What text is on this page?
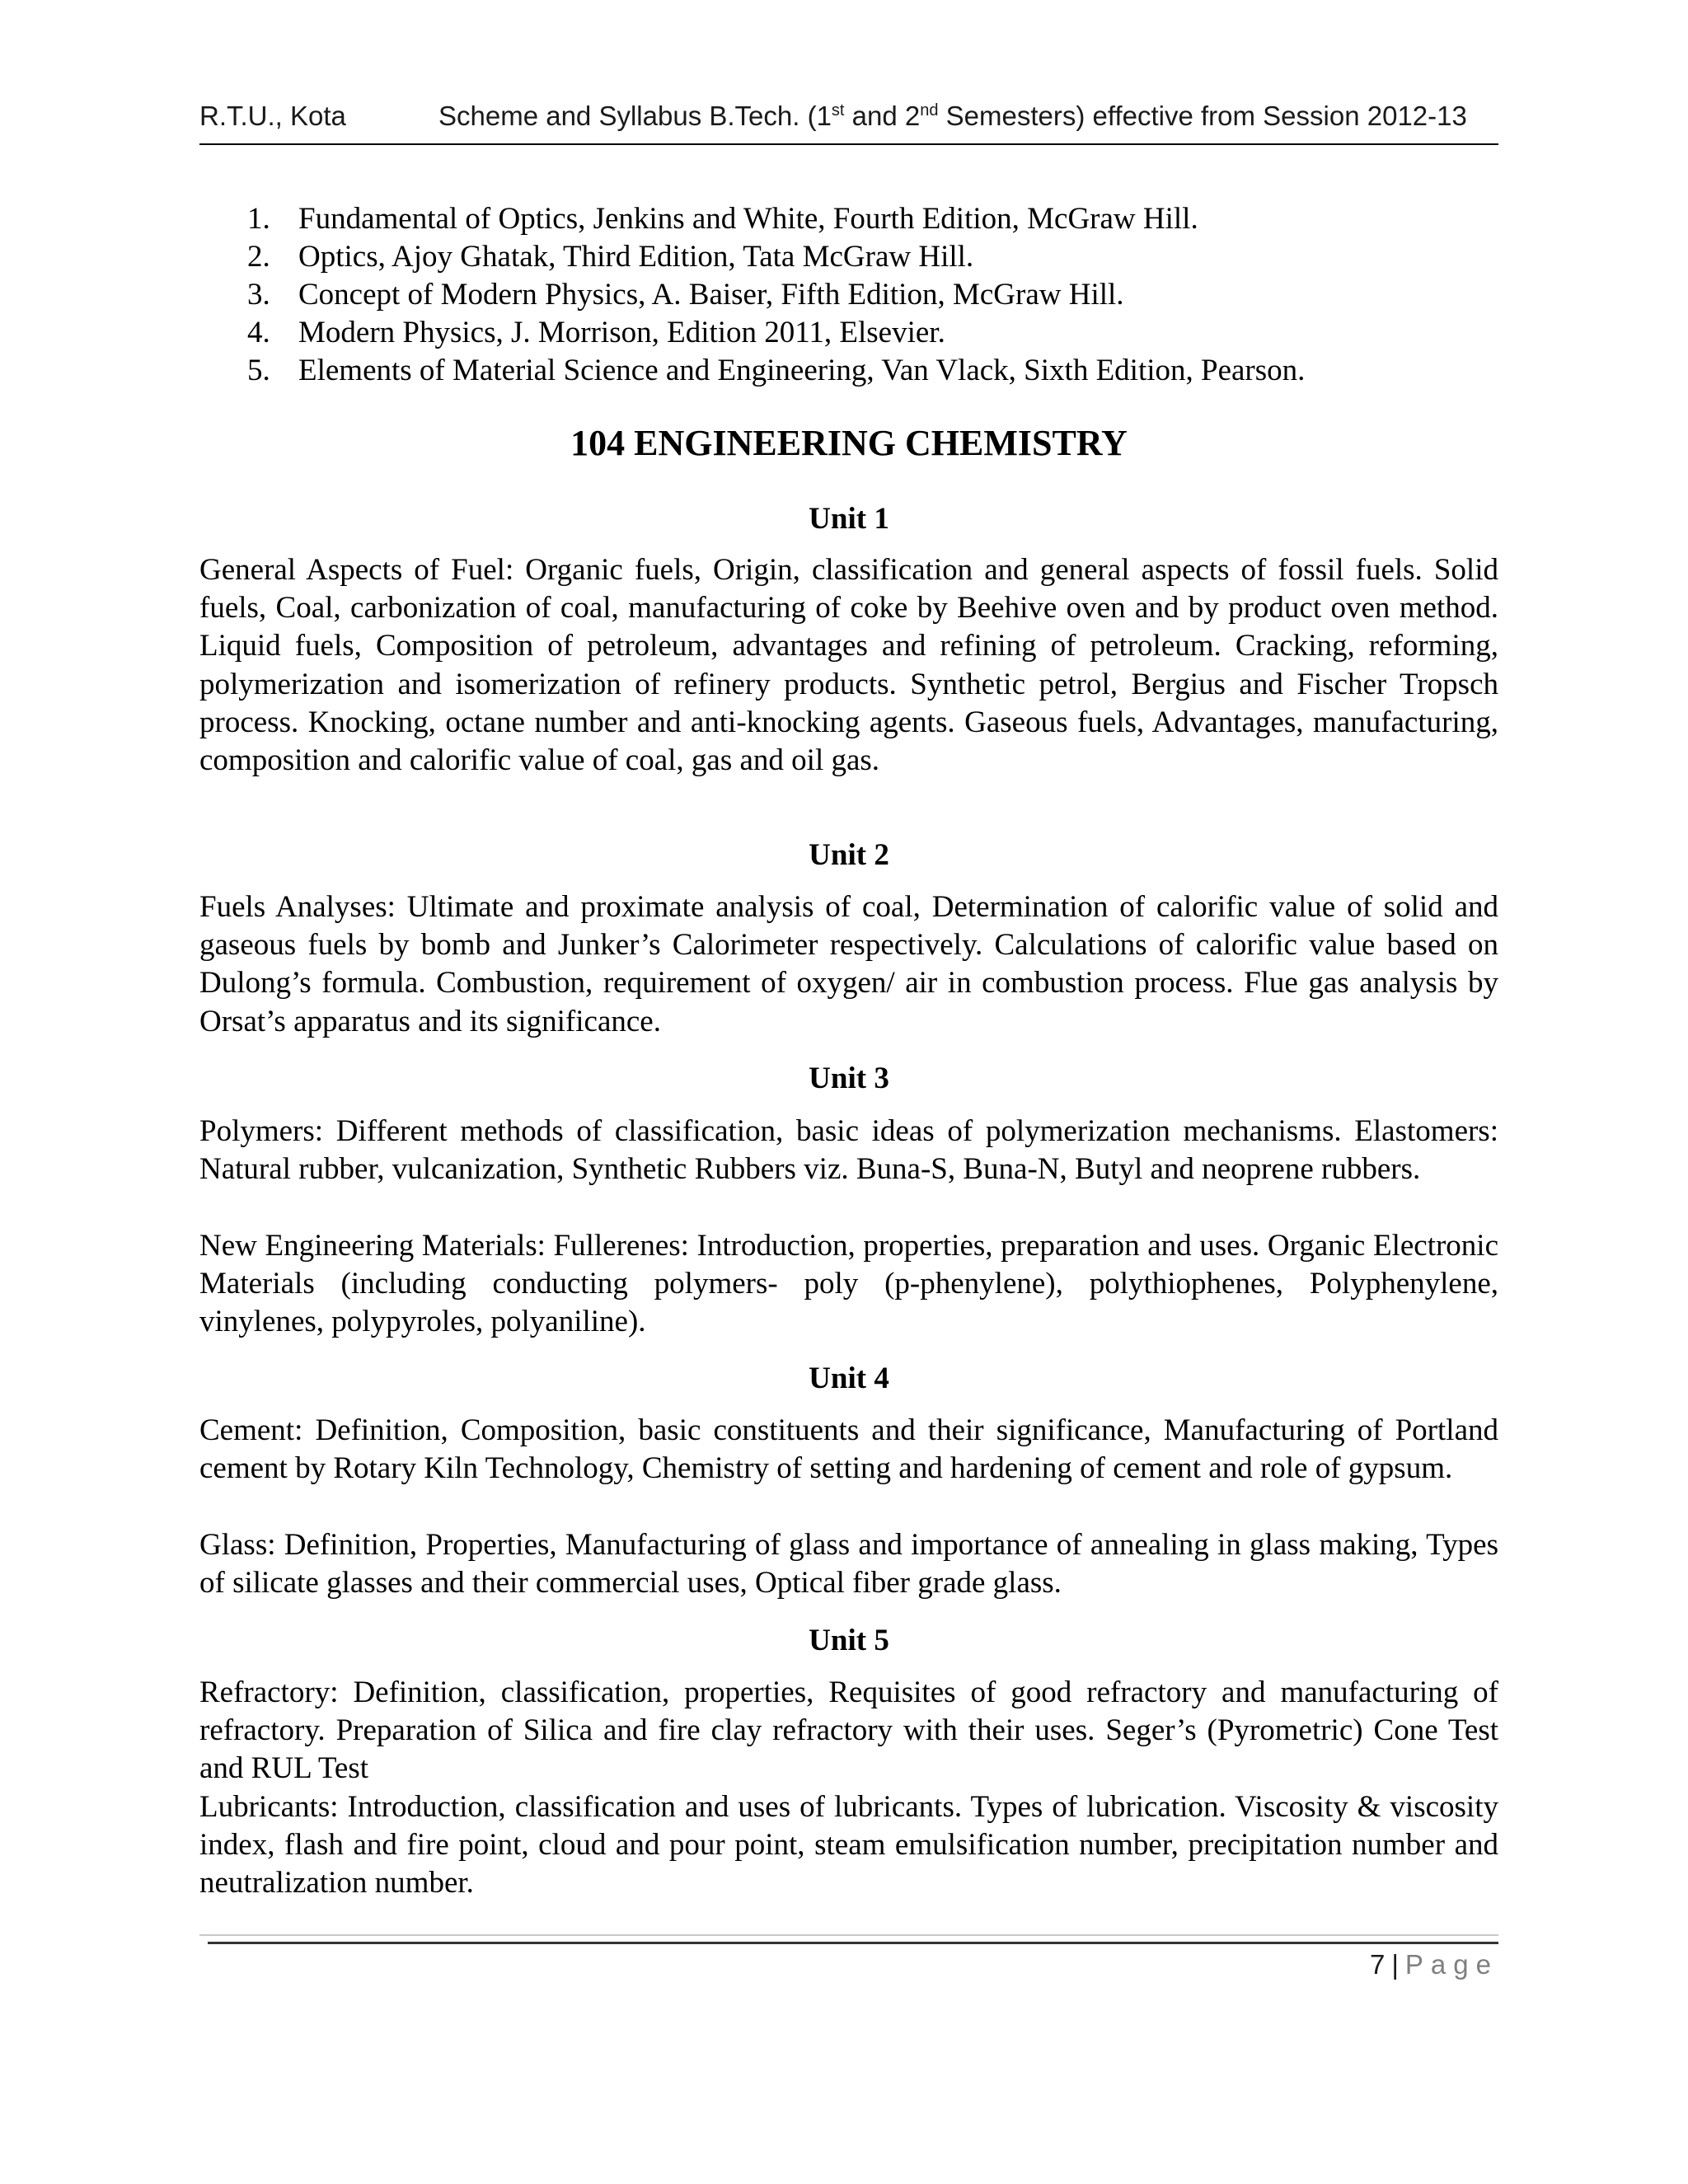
R.T.U., Kota	Scheme and Syllabus B.Tech. (1st and 2nd Semesters) effective from Session 2012-13
1. Fundamental of Optics, Jenkins and White, Fourth Edition, McGraw Hill.
2. Optics, Ajoy Ghatak, Third Edition, Tata McGraw Hill.
3. Concept of Modern Physics, A. Baiser, Fifth Edition, McGraw Hill.
4. Modern Physics, J. Morrison, Edition 2011, Elsevier.
5. Elements of Material Science and Engineering, Van Vlack, Sixth Edition, Pearson.
104 ENGINEERING CHEMISTRY
Unit 1

General Aspects of Fuel: Organic fuels, Origin, classification and general aspects of fossil fuels. Solid fuels, Coal, carbonization of coal, manufacturing of coke by Beehive oven and by product oven method. Liquid fuels, Composition of petroleum, advantages and refining of petroleum. Cracking, reforming, polymerization and isomerization of refinery products. Synthetic petrol, Bergius and Fischer Tropsch process. Knocking, octane number and anti-knocking agents. Gaseous fuels, Advantages, manufacturing, composition and calorific value of coal, gas and oil gas.

Unit 2

Fuels Analyses: Ultimate and proximate analysis of coal, Determination of calorific value of solid and gaseous fuels by bomb and Junker’s Calorimeter respectively. Calculations of calorific value based on Dulong’s formula. Combustion, requirement of oxygen/ air in combustion process. Flue gas analysis by Orsat’s apparatus and its significance.

Unit 3

Polymers: Different methods of classification, basic ideas of polymerization mechanisms. Elastomers: Natural rubber, vulcanization, Synthetic Rubbers viz. Buna-S, Buna-N, Butyl and neoprene rubbers.

New Engineering Materials: Fullerenes: Introduction, properties, preparation and uses. Organic Electronic Materials (including conducting polymers- poly (p-phenylene), polythiophenes, Polyphenylene, vinylenes, polypyroles, polyaniline).

Unit 4

Cement: Definition, Composition, basic constituents and their significance, Manufacturing of Portland cement by Rotary Kiln Technology, Chemistry of setting and hardening of cement and role of gypsum.

Glass: Definition, Properties, Manufacturing of glass and importance of annealing in glass making, Types of silicate glasses and their commercial uses, Optical fiber grade glass.

Unit 5

Refractory: Definition, classification, properties, Requisites of good refractory and manufacturing of refractory. Preparation of Silica and fire clay refractory with their uses. Seger’s (Pyrometric) Cone Test and RUL Test

Lubricants: Introduction, classification and uses of lubricants. Types of lubrication. Viscosity & viscosity index, flash and fire point, cloud and pour point, steam emulsification number, precipitation number and neutralization number.

7 | Page
